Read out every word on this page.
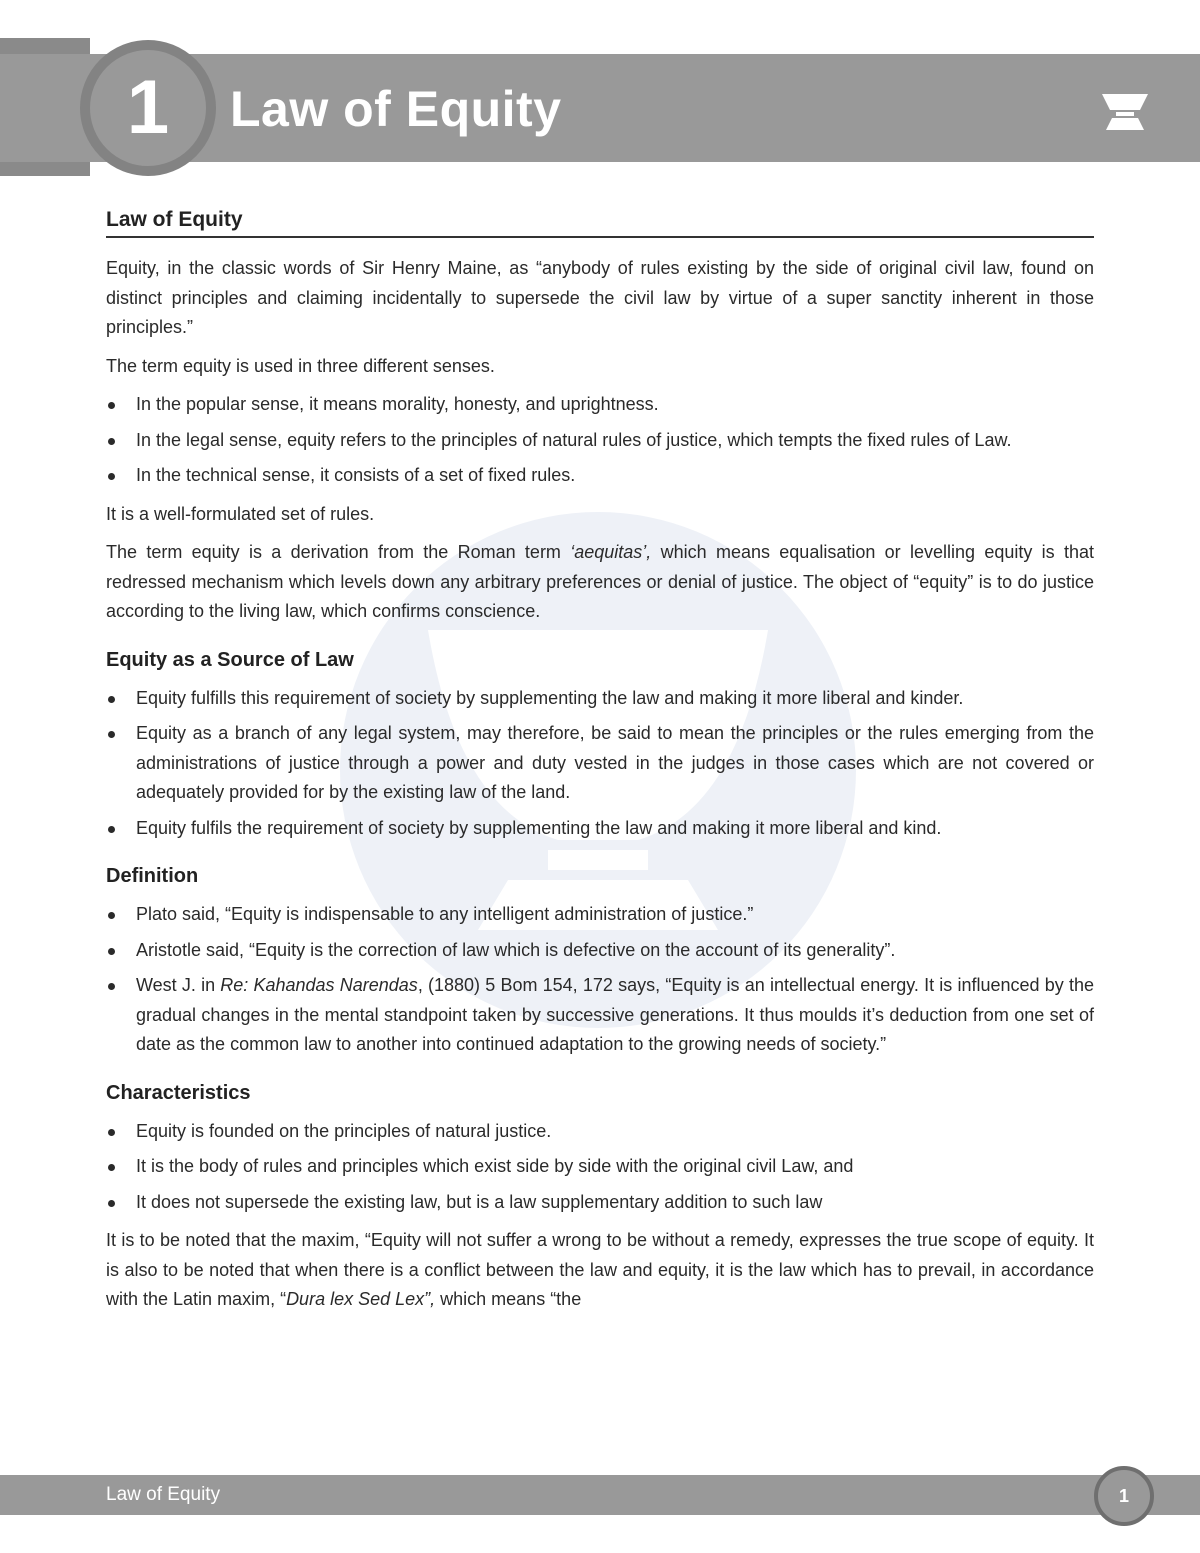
1	Law of Equity
Law of Equity

Equity, in the classic words of Sir Henry Maine, as “anybody of rules existing by the side of original civil law, found on distinct principles and claiming incidentally to supersede the civil law by virtue of a super sanctity inherent in those principles.”

The term equity is used in three different senses.

In the popular sense, it means morality, honesty, and uprightness.
In the legal sense, equity refers to the principles of natural rules of justice, which tempts the fixed rules of Law.
In the technical sense, it consists of a set of fixed rules.

It is a well-formulated set of rules.

The term equity is a derivation from the Roman term ‘aequitas’, which means equalisation or levelling equity is that redressed mechanism which levels down any arbitrary preferences or denial of justice. The object of “equity” is to do justice according to the living law, which confirms conscience.

Equity as a Source of Law
Equity fulfills this requirement of society by supplementing the law and making it more liberal and kinder.
Equity as a branch of any legal system, may therefore, be said to mean the principles or the rules emerging from the administrations of justice through a power and duty vested in the judges in those cases which are not covered or adequately provided for by the existing law of the land.
Equity fulfils the requirement of society by supplementing the law and making it more liberal and kind.
Definition
Plato said, “Equity is indispensable to any intelligent administration of justice.”
Aristotle said, “Equity is the correction of law which is defective on the account of its generality”.
West J. in Re: Kahandas Narendas, (1880) 5 Bom 154, 172 says, “Equity is an intellectual energy. It is influenced by the gradual changes in the mental standpoint taken by successive generations. It thus moulds it’s deduction from one set of date as the common law to another into continued adaptation to the growing needs of society.”
Characteristics
Equity is founded on the principles of natural justice.
It is the body of rules and principles which exist side by side with the original civil Law, and
It does not supersede the existing law, but is a law supplementary addition to such law

It is to be noted that the maxim, “Equity will not suffer a wrong to be without a remedy, expresses the true scope of equity. It is also to be noted that when there is a conflict between the law and equity, it is the law which has to prevail, in accordance with the Latin maxim, “Dura lex Sed Lex”, which means “the

Law of Equity	1
